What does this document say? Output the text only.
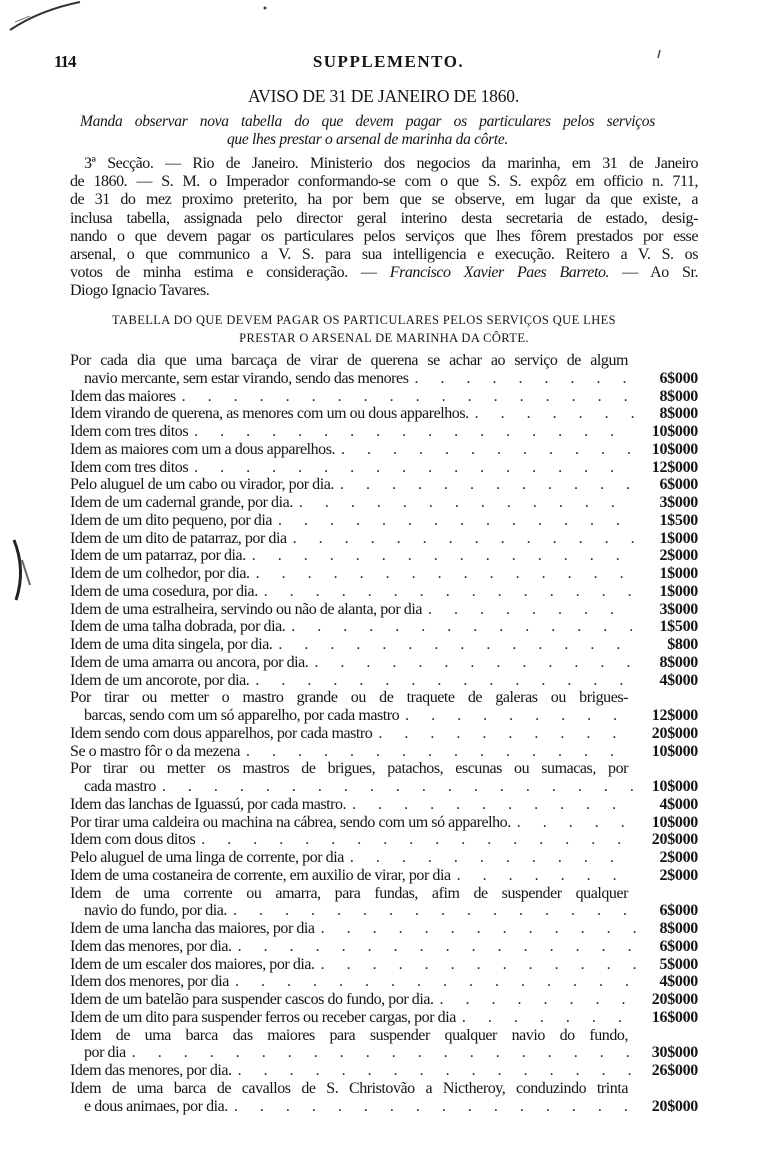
114	SUPPLEMENTO.
AVISO DE 31 DE JANEIRO DE 1860.
Manda observar nova tabella do que devem pagar os particulares pelos serviços
que lhes prestar o arsenal de marinha da côrte.
3ª Secção. — Rio de Janeiro. Ministerio dos negocios da marinha, em 31 de Janeiro
de 1860. — S. M. o Imperador conformando-se com o que S. S. expôz em officio n. 711,
de 31 do mez proximo preterito, ha por bem que se observe, em lugar da que existe, a
inclusa tabella, assignada pelo director geral interino desta secretaria de estado, desig-
nando o que devem pagar os particulares pelos serviços que lhes fôrem prestados por esse
arsenal, o que communico a V. S. para sua intelligencia e execução. Reitero a V. S. os
votos de minha estima e consideração. — Francisco Xavier Paes Barreto. — Ao Sr.
Diogo Ignacio Tavares.
TABELLA DO QUE DEVEM PAGAR OS PARTICULARES PELOS SERVIÇOS QUE LHES
PRESTAR O ARSENAL DE MARINHA DA CÔRTE.
Por cada dia que uma barcaça de virar de querena se achar ao serviço de algum
navio mercante, sem estar virando, sendo das menores . . .	6$000
Idem das maiores . . .	8$000
Idem virando de querena, as menores com um ou dous apparelhos. . . .	8$000
Idem com tres ditos . . .	10$000
Idem as maiores com um a dous apparelhos. . . .	10$000
Idem com tres ditos . . .	12$000
Pelo aluguel de um cabo ou virador, por dia. . . .	6$000
Idem de um cadernal grande, por dia. . . .	3$000
Idem de um dito pequeno, por dia . . .	1$500
Idem de um dito de patarraz, por dia . . .	1$000
Idem de um patarraz, por dia. . . .	2$000
Idem de um colhedor, por dia. . . .	1$000
Idem de uma cosedura, por dia. . . .	1$000
Idem de uma estralheira, servindo ou não de alanta, por dia . . .	3$000
Idem de uma talha dobrada, por dia. . . .	1$500
Idem de uma dita singela, por dia. . . .	$800
Idem de uma amarra ou ancora, por dia. . . .	8$000
Idem de um ancorote, por dia. . . .	4$000
Por tirar ou metter o mastro grande ou de traquete de galeras ou brigues-
barcas, sendo com um só apparelho, por cada mastro . . .	12$000
Idem sendo com dous apparelhos, por cada mastro . . .	20$000
Se o mastro fôr o da mezena . . .	10$000
Por tirar ou metter os mastros de brigues, patachos, escunas ou sumacas, por
cada mastro . . .	10$000
Idem das lanchas de Iguassú, por cada mastro. . . .	4$000
Por tirar uma caldeira ou machina na cábrea, sendo com um só apparelho. . . .	10$000
Idem com dous ditos . . .	20$000
Pelo aluguel de uma linga de corrente, por dia . . .	2$000
Idem de uma costaneira de corrente, em auxilio de virar, por dia . . .	2$000
Idem de uma corrente ou amarra, para fundas, afim de suspender qualquer
navio do fundo, por dia. . . .	6$000
Idem de uma lancha das maiores, por dia . . .	8$000
Idem das menores, por dia. . . .	6$000
Idem de um escaler dos maiores, por dia. . . .	5$000
Idem dos menores, por dia . . .	4$000
Idem de um batelão para suspender cascos do fundo, por dia. . . .	20$000
Idem de um dito para suspender ferros ou receber cargas, por dia . . .	16$000
Idem de uma barca das maiores para suspender qualquer navio do fundo,
por dia . . .	30$000
Idem das menores, por dia. . . .	26$000
Idem de uma barca de cavallos de S. Christovão a Nictheroy, conduzindo trinta
e dous animaes, por dia. . . .	20$000
